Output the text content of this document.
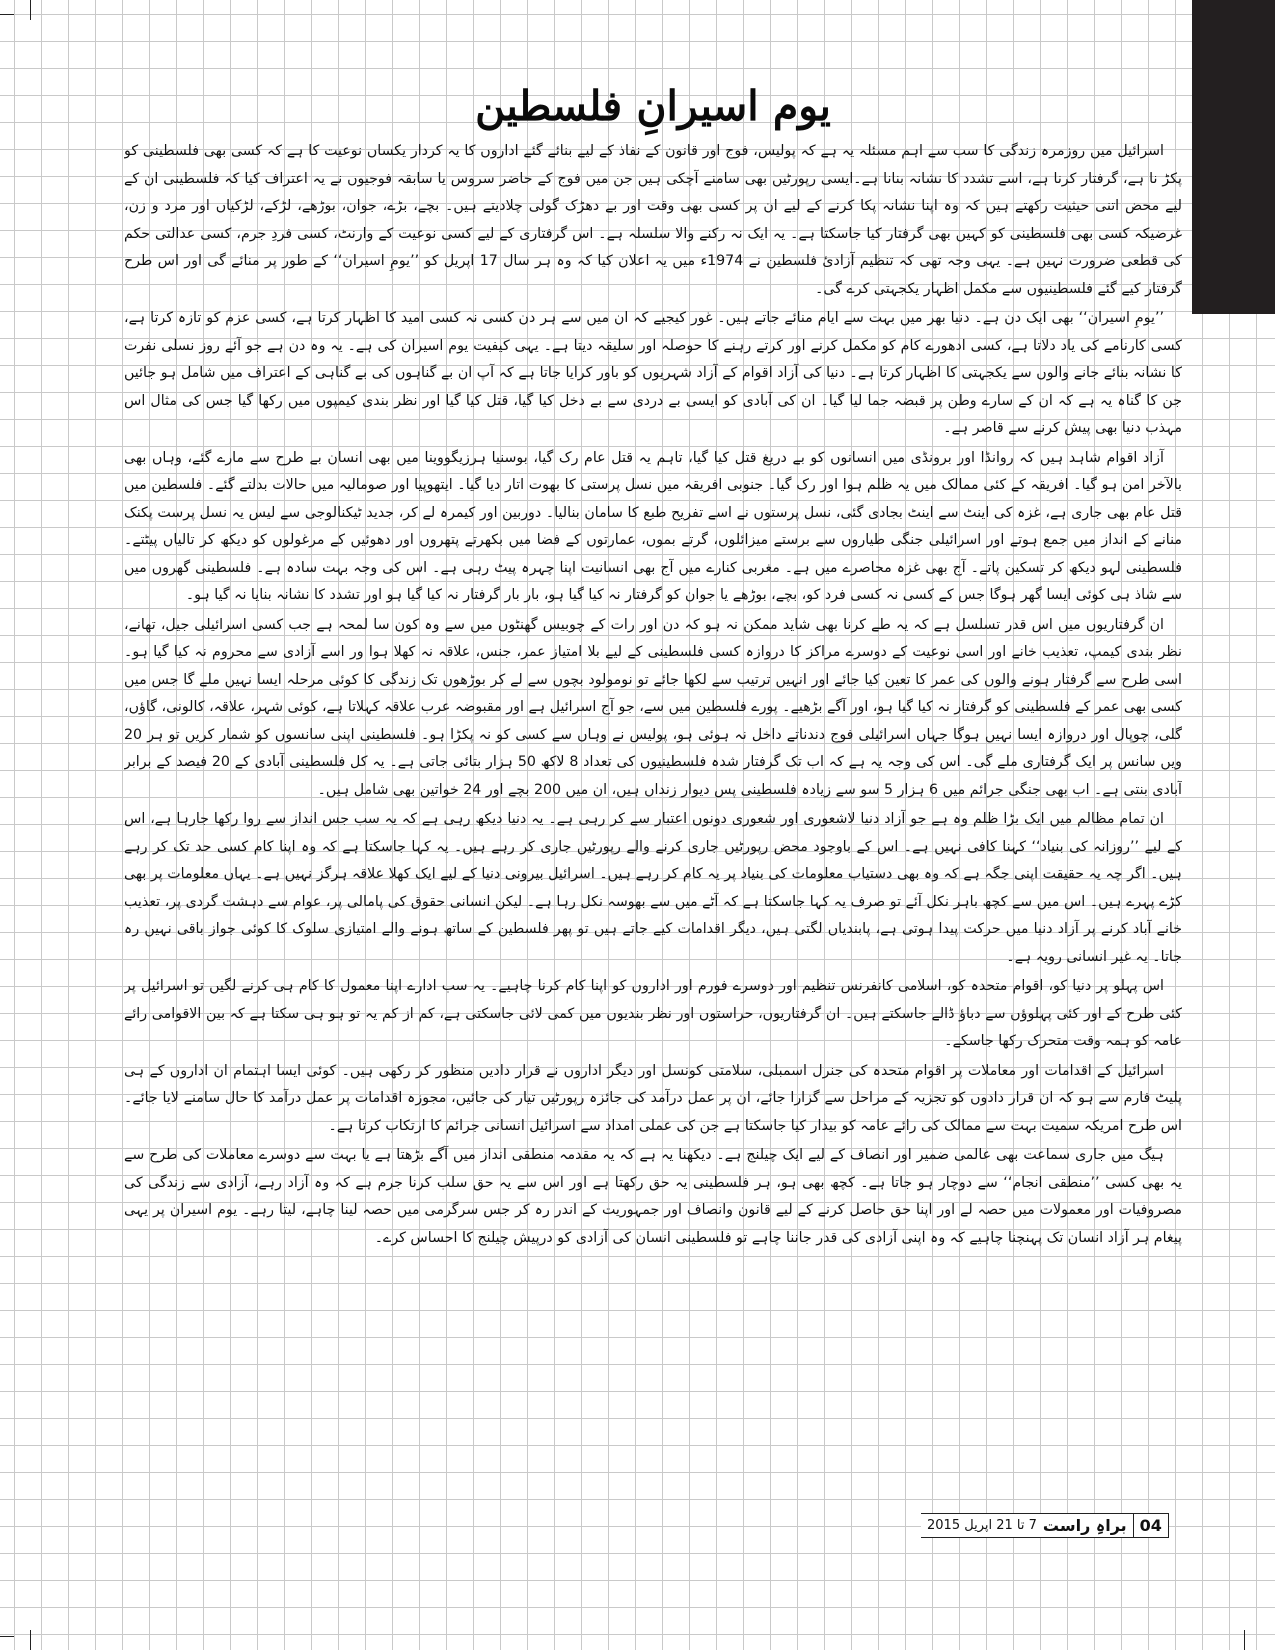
یوم اسیرانِ فلسطین

اسرائیل میں روزمرہ زندگی کا سب سے اہم مسئلہ یہ ہے کہ پولیس، فوج اور قانون کے نفاذ کے لیے بنائے گئے اداروں کا یہ کردار یکساں نوعیت کا ہے کہ کسی بھی فلسطینی کو پکڑ نا ہے، گرفتار کرنا ہے، اسے تشدد کا نشانہ بنانا ہے۔ایسی رپورٹیں بھی سامنے آچکی ہیں جن میں فوج کے حاضر سروس یا سابقہ فوجیوں نے یہ اعتراف کیا کہ فلسطینی ان کے لیے محض اتنی حیثیت رکھتے ہیں کہ وہ اپنا نشانہ پکا کرنے کے لیے ان پر کسی بھی وقت اور بے دھڑک گولی چلادیتے ہیں۔ بچے، بڑے، جوان، بوڑھے، لڑکے، لڑکیاں اور مرد و زن، غرضیکہ کسی بھی فلسطینی کو کہیں بھی گرفتار کیا جاسکتا ہے۔ یہ ایک نہ رکنے والا سلسلہ ہے۔ اس گرفتاری کے لیے کسی نوعیت کے وارنٹ، کسی فردِ جرم، کسی عدالتی حکم کی قطعی ضرورت نہیں ہے۔ یہی وجہ تھی کہ تنظیم آزادیٔ فلسطین نے 1974ء میں یہ اعلان کیا کہ وہ ہر سال 17 اپریل کو ’’یومِ اسیران‘‘ کے طور پر منائے گی اور اس طرح گرفتار کیے گئے فلسطینیوں سے مکمل اظہار یکجہتی کرے گی۔

’’یومِ اسیران‘‘ بھی ایک دن ہے۔ دنیا بھر میں بہت سے ایام منائے جاتے ہیں۔ غور کیجیے کہ ان میں سے ہر دن کسی نہ کسی امید کا اظہار کرتا ہے، کسی عزم کو تازہ کرتا ہے، کسی کارنامے کی یاد دلاتا ہے، کسی ادھورے کام کو مکمل کرنے اور کرتے رہنے کا حوصلہ اور سلیقہ دیتا ہے۔ یہی کیفیت یوم اسیران کی ہے۔ یہ وہ دن ہے جو آئے روز نسلی نفرت کا نشانہ بنائے جانے والوں سے یکجہتی کا اظہار کرتا ہے۔ دنیا کی آزاد اقوام کے آزاد شہریوں کو باور کرایا جاتا ہے کہ آپ ان بے گناہوں کی بے گناہی کے اعتراف میں شامل ہو جائیں جن کا گناہ یہ ہے کہ ان کے سارے وطن پر قبضہ جما لیا گیا۔ ان کی آبادی کو ایسی بے دردی سے بے دخل کیا گیا، قتل کیا گیا اور نظر بندی کیمپوں میں رکھا گیا جس کی مثال اس مہذب دنیا بھی پیش کرنے سے قاصر ہے۔

آزاد اقوام شاہد ہیں کہ روانڈا اور برونڈی میں انسانوں کو بے دریغ قتل کیا گیا، تاہم یہ قتل عام رک گیا، بوسنیا ہرزیگووینا میں بھی انسان بے طرح سے مارے گئے، وہاں بھی بالآخر امن ہو گیا۔ افریقہ کے کئی ممالک میں یہ ظلم ہوا اور رک گیا۔ جنوبی افریقہ میں نسل پرستی کا بھوت اتار دیا گیا۔ ایتھوپیا اور صومالیہ میں حالات بدلتے گئے۔ فلسطین میں قتل عام بھی جاری ہے، غزہ کی اینٹ سے اینٹ بجادی گئی، نسل پرستوں نے اسے تفریح طبع کا سامان بنالیا۔ دوربین اور کیمرہ لے کر، جدید ٹیکنالوجی سے لیس یہ نسل پرست پکنک منانے کے انداز میں جمع ہوتے اور اسرائیلی جنگی طیاروں سے برستے میزائلوں، گرتے بموں، عمارتوں کے فضا میں بکھرتے پتھروں اور دھوئیں کے مرغولوں کو دیکھ کر تالیاں پیٹتے۔ فلسطینی لہو دیکھ کر تسکین پاتے۔ آج بھی غزہ محاصرے میں ہے۔ مغربی کنارے میں آج بھی انسانیت اپنا چہرہ پیٹ رہی ہے۔ اس کی وجہ بہت سادہ ہے۔ فلسطینی گھروں میں سے شاذ ہی کوئی ایسا گھر ہوگا جس کے کسی نہ کسی فرد کو، بچے، بوڑھے یا جوان کو گرفتار نہ کیا گیا ہو، بار بار گرفتار نہ کیا گیا ہو اور تشدد کا نشانہ بنایا نہ گیا ہو۔

ان گرفتاریوں میں اس قدر تسلسل ہے کہ یہ طے کرنا بھی شاید ممکن نہ ہو کہ دن اور رات کے چوبیس گھنٹوں میں سے وہ کون سا لمحہ ہے جب کسی اسرائیلی جیل، تھانے، نظر بندی کیمپ، تعذیب خانے اور اسی نوعیت کے دوسرے مراکز کا دروازہ کسی فلسطینی کے لیے بلا امتیاز عمر، جنس، علاقہ نہ کھلا ہوا ور اسے آزادی سے محروم نہ کیا گیا ہو۔ اسی طرح سے گرفتار ہونے والوں کی عمر کا تعین کیا جائے اور انہیں ترتیب سے لکھا جائے تو نومولود بچوں سے لے کر بوڑھوں تک زندگی کا کوئی مرحلہ ایسا نہیں ملے گا جس میں کسی بھی عمر کے فلسطینی کو گرفتار نہ کیا گیا ہو، اور آگے بڑھیے۔ پورے فلسطین میں سے، جو آج اسرائیل ہے اور مقبوضہ عرب علاقہ کہلاتا ہے، کوئی شہر، علاقہ، کالونی، گاؤں، گلی، چوپال اور دروازہ ایسا نہیں ہوگا جہاں اسرائیلی فوج دندناتے داخل نہ ہوئی ہو، پولیس نے وہاں سے کسی کو نہ پکڑا ہو۔ فلسطینی اپنی سانسوں کو شمار کریں تو ہر 20 ویں سانس پر ایک گرفتاری ملے گی۔ اس کی وجہ یہ ہے کہ اب تک گرفتار شدہ فلسطینیوں کی تعداد 8 لاکھ 50 ہزار بتائی جاتی ہے۔ یہ کل فلسطینی آبادی کے 20 فیصد کے برابر آبادی بنتی ہے۔ اب بھی جنگی جرائم میں 6 ہزار 5 سو سے زیادہ فلسطینی پس دیوار زنداں ہیں، ان میں 200 بچے اور 24 خواتین بھی شامل ہیں۔

ان تمام مظالم میں ایک بڑا ظلم وہ ہے جو آزاد دنیا لاشعوری اور شعوری دونوں اعتبار سے کر رہی ہے۔ یہ دنیا دیکھ رہی ہے کہ یہ سب جس انداز سے روا رکھا جارہا ہے، اس کے لیے ’’روزانہ کی بنیاد‘‘ کہنا کافی نہیں ہے۔ اس کے باوجود محض رپورٹیں جاری کرنے والے رپورٹیں جاری کر رہے ہیں۔ یہ کہا جاسکتا ہے کہ وہ اپنا کام کسی حد تک کر رہے ہیں۔ اگر چہ یہ حقیقت اپنی جگہ ہے کہ وہ بھی دستیاب معلومات کی بنیاد پر یہ کام کر رہے ہیں۔ اسرائیل بیرونی دنیا کے لیے ایک کھلا علاقہ ہرگز نہیں ہے۔ یہاں معلومات پر بھی کڑے پہرے ہیں۔ اس میں سے کچھ باہر نکل آئے تو صرف یہ کہا جاسکتا ہے کہ آٹے میں سے بھوسہ نکل رہا ہے۔ لیکن انسانی حقوق کی پامالی پر، عوام سے دہشت گردی پر، تعذیب خانے آباد کرنے پر آزاد دنیا میں حرکت پیدا ہوتی ہے، پابندیاں لگتی ہیں، دیگر اقدامات کیے جاتے ہیں تو پھر فلسطین کے ساتھ ہونے والے امتیازی سلوک کا کوئی جواز باقی نہیں رہ جاتا۔ یہ غیر انسانی رویہ ہے۔

اس پہلو پر دنیا کو، اقوام متحدہ کو، اسلامی کانفرنس تنظیم اور دوسرے فورم اور اداروں کو اپنا کام کرنا چاہیے۔ یہ سب ادارے اپنا معمول کا کام ہی کرنے لگیں تو اسرائیل پر کئی طرح کے اور کئی پہلوؤں سے دباؤ ڈالے جاسکتے ہیں۔ ان گرفتاریوں، حراستوں اور نظر بندیوں میں کمی لائی جاسکتی ہے، کم از کم یہ تو ہو ہی سکتا ہے کہ بین الاقوامی رائے عامہ کو ہمہ وقت متحرک رکھا جاسکے۔

اسرائیل کے اقدامات اور معاملات پر اقوام متحدہ کی جنرل اسمبلی، سلامتی کونسل اور دیگر اداروں نے قرار دادیں منظور کر رکھی ہیں۔ کوئی ایسا اہتمام ان اداروں کے ہی پلیٹ فارم سے ہو کہ ان قرار دادوں کو تجزیہ کے مراحل سے گزارا جائے، ان پر عمل درآمد کی جائزہ رپورٹیں تیار کی جائیں، مجوزہ اقدامات پر عمل درآمد کا حال سامنے لایا جائے۔ اس طرح امریکہ سمیت بہت سے ممالک کی رائے عامہ کو بیدار کیا جاسکتا ہے جن کی عملی امداد سے اسرائیل انسانی جرائم کا ارتکاب کرتا ہے۔

ہیگ میں جاری سماعت بھی عالمی ضمیر اور انصاف کے لیے ایک چیلنج ہے۔ دیکھنا یہ ہے کہ یہ مقدمہ منطقی انداز میں آگے بڑھتا ہے یا بہت سے دوسرے معاملات کی طرح سے یہ بھی کسی ’’منطقی انجام‘‘ سے دوچار ہو جاتا ہے۔ کچھ بھی ہو، ہر فلسطینی یہ حق رکھتا ہے اور اس سے یہ حق سلب کرنا جرم ہے کہ وہ آزاد رہے، آزادی سے زندگی کی مصروفیات اور معمولات میں حصہ لے اور اپنا حق حاصل کرنے کے لیے قانون وانصاف اور جمہوریت کے اندر رہ کر جس سرگرمی میں حصہ لینا چاہے، لیتا رہے۔ یوم اسیران پر یہی پیغام ہر آزاد انسان تک پہنچنا چاہیے کہ وہ اپنی آزادی کی قدر جاننا چاہے تو فلسطینی انسان کی آزادی کو درپیش چیلنج کا احساس کرے۔

براہِ راست
7 تا 21 اپریل 2015	04
